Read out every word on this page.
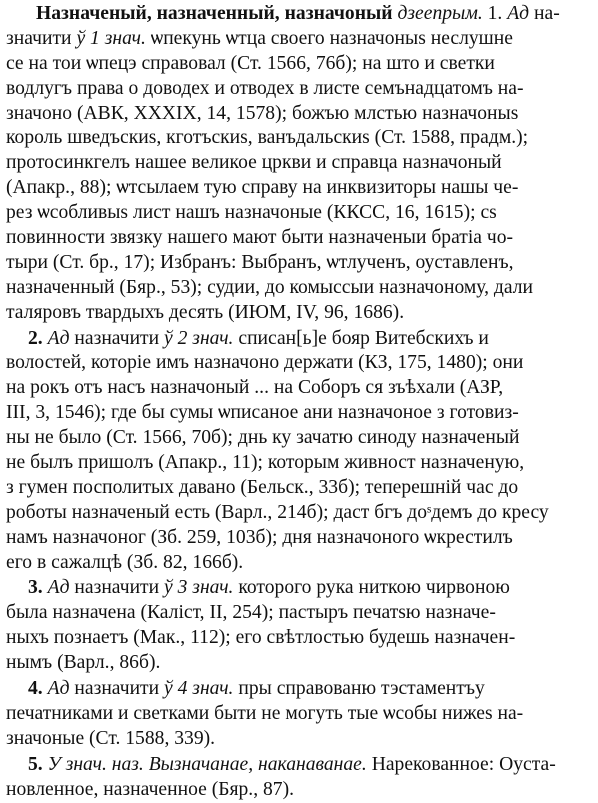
Назначеный, назначенный, назначоный дзеепрым. 1. Ад на-
значити ў 1 знач. ѡпекунь ѡтца своего назначоныs неслушне
се на тои ѡпецэ справовал (Ст. 1566, 76б); на што и светки
водлугъ права о доводех и отводех в листе семънадцатомъ на-
значоно (АВК, XXXIX, 14, 1578); божъю млстью назначоныs
король шведъскиs, кготъскиs, ванъдальскиs (Ст. 1588, прадм.);
протосинкгелъ нашее великое цркви и справца назначоный
(Апакр., 88); ѡтсылаем тую справу на инквизиторы нашы че-
рез ѡсобливыs лист нашъ назначоные (ККСС, 16, 1615); сs
повинности звязку нашего мают быти назначеныи братіа чо-
тыри (Ст. бр., 17); Избранъ: Выбранъ, ѡтлученъ, оуставленъ,
назначенный (Бяр., 53); судии, до комыссыи назначоному, дали
таляровъ твардыхъ десять (ИЮМ, IV, 96, 1686).
2. Ад назначити ў 2 знач. списан[ь]е бояр Витебскихъ и
волостей, которіе имъ назначоно держати (КЗ, 175, 1480); они
на рокъ отъ насъ назначоный ... на Соборъ ся зъѣхали (АЗР,
III, 3, 1546); где бы сумы ѡписаное ани назначоное з готовиз-
ны не было (Ст. 1566, 70б); днь ку зачатю синоду назначеный
не былъ пришолъ (Апакр., 11); которым живност назначеную,
з гумен посполитых давано (Бельск., 33б); теперешній час до
роботы назначеный есть (Варл., 214б); даст бгъ доˢдемъ до кресу
намъ назначоног (Зб. 259, 103б); дня назначоного ѡкрестилъ
его в сажалцѣ (Зб. 82, 166б).
3. Ад назначити ў 3 знач. которого рука ниткою чирвоною
была назначена (Каліст, II, 254); пастыръ печатsю назначе-
ныхъ познаетъ (Мак., 112); его свѣтлостью будешь назначен-
нымъ (Варл., 86б).
4. Ад назначити ў 4 знач. пры справованю тэстаментъу
печатниками и светками быти не могуть тые ѡсобы нижеs на-
значоные (Ст. 1588, 339).
5. У знач. наз. Вызначанае, наканаванае. Нарекованное: Оуста-
новленное, назначенное (Бяр., 87).
